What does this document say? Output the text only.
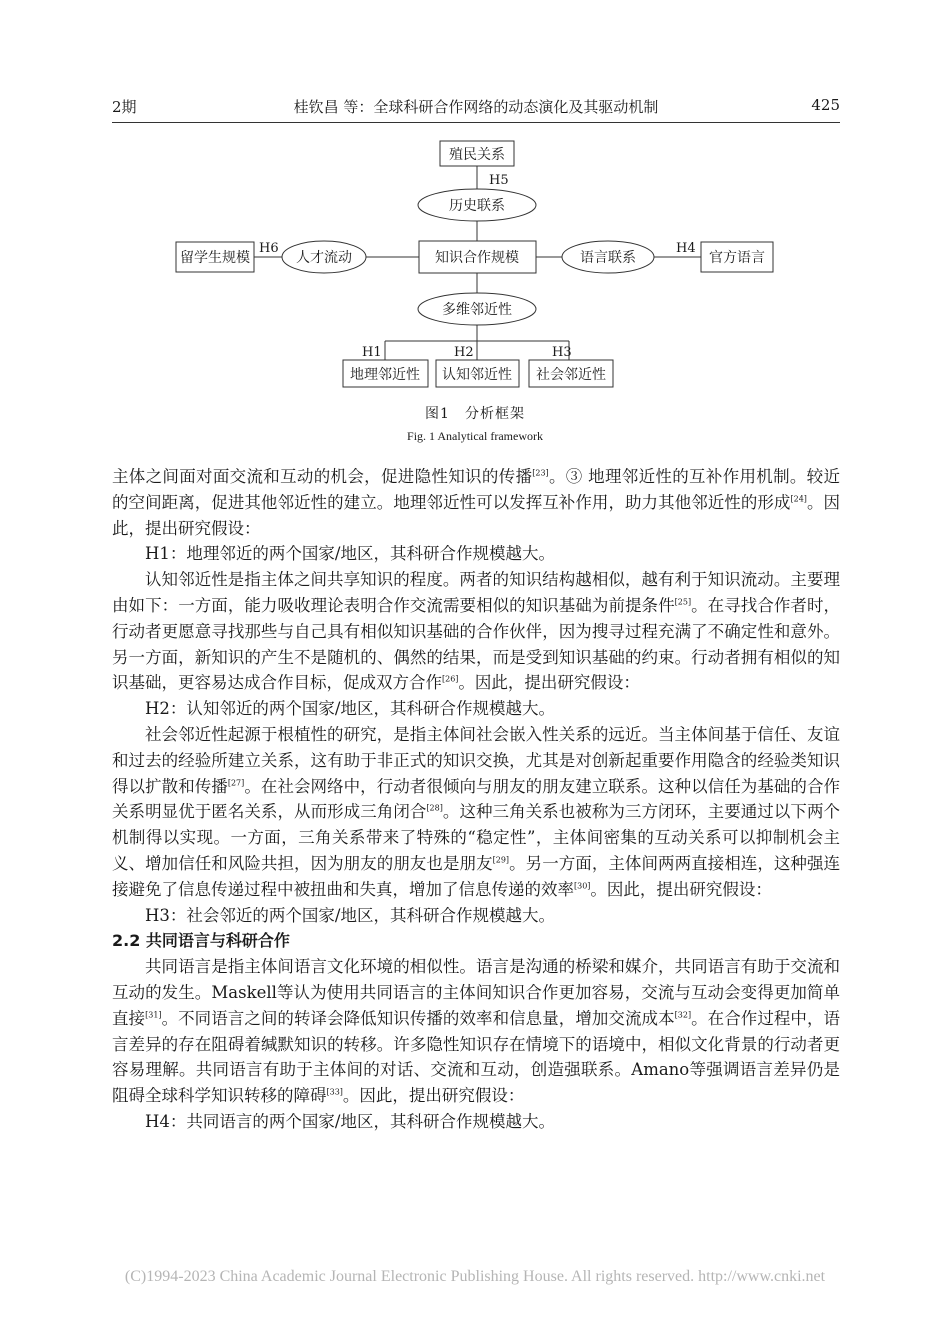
2期	桂钦昌 等：全球科研合作网络的动态演化及其驱动机制	425
殖民关系
H5
历史联系
留学生规模
H6
人才流动	知识合作规模	语言联系
H4
官方语言
多维邻近性
H1	H2	H3
地理邻近性 认知邻近性 社会邻近性
图1　分析框架
Fig. 1 Analytical framework

主体之间面对面交流和互动的机会，促进隐性知识的传播[23]。③ 地理邻近性的互补作用机制。较近的空间距离，促进其他邻近性的建立。地理邻近性可以发挥互补作用，助力其他邻近性的形成[24]。因此，提出研究假设：

H1：地理邻近的两个国家/地区，其科研合作规模越大。

认知邻近性是指主体之间共享知识的程度。两者的知识结构越相似，越有利于知识流动。主要理由如下：一方面，能力吸收理论表明合作交流需要相似的知识基础为前提条件[25]。在寻找合作者时，行动者更愿意寻找那些与自己具有相似知识基础的合作伙伴，因为搜寻过程充满了不确定性和意外。另一方面，新知识的产生不是随机的、偶然的结果，而是受到知识基础的约束。行动者拥有相似的知识基础，更容易达成合作目标，促成双方合作[26]。因此，提出研究假设：

H2：认知邻近的两个国家/地区，其科研合作规模越大。

社会邻近性起源于根植性的研究，是指主体间社会嵌入性关系的远近。当主体间基于信任、友谊和过去的经验所建立关系，这有助于非正式的知识交换，尤其是对创新起重要作用隐含的经验类知识得以扩散和传播[27]。在社会网络中，行动者很倾向与朋友的朋友建立联系。这种以信任为基础的合作关系明显优于匿名关系，从而形成三角闭合[28]。这种三角关系也被称为三方闭环，主要通过以下两个机制得以实现。一方面，三角关系带来了特殊的“稳定性”，主体间密集的互动关系可以抑制机会主义、增加信任和风险共担，因为朋友的朋友也是朋友[29]。另一方面，主体间两两直接相连，这种强连接避免了信息传递过程中被扭曲和失真，增加了信息传递的效率[30]。因此，提出研究假设：

H3：社会邻近的两个国家/地区，其科研合作规模越大。

2.2 共同语言与科研合作

共同语言是指主体间语言文化环境的相似性。语言是沟通的桥梁和媒介，共同语言有助于交流和互动的发生。Maskell等认为使用共同语言的主体间知识合作更加容易，交流与互动会变得更加简单直接[31]。不同语言之间的转译会降低知识传播的效率和信息量，增加交流成本[32]。在合作过程中，语言差异的存在阻碍着缄默知识的转移。许多隐性知识存在情境下的语境中，相似文化背景的行动者更容易理解。共同语言有助于主体间的对话、交流和互动，创造强联系。Amano等强调语言差异仍是阻碍全球科学知识转移的障碍[33]。因此，提出研究假设：

H4：共同语言的两个国家/地区，其科研合作规模越大。

(C)1994-2023 China Academic Journal Electronic Publishing House. All rights reserved. http://www.cnki.net
